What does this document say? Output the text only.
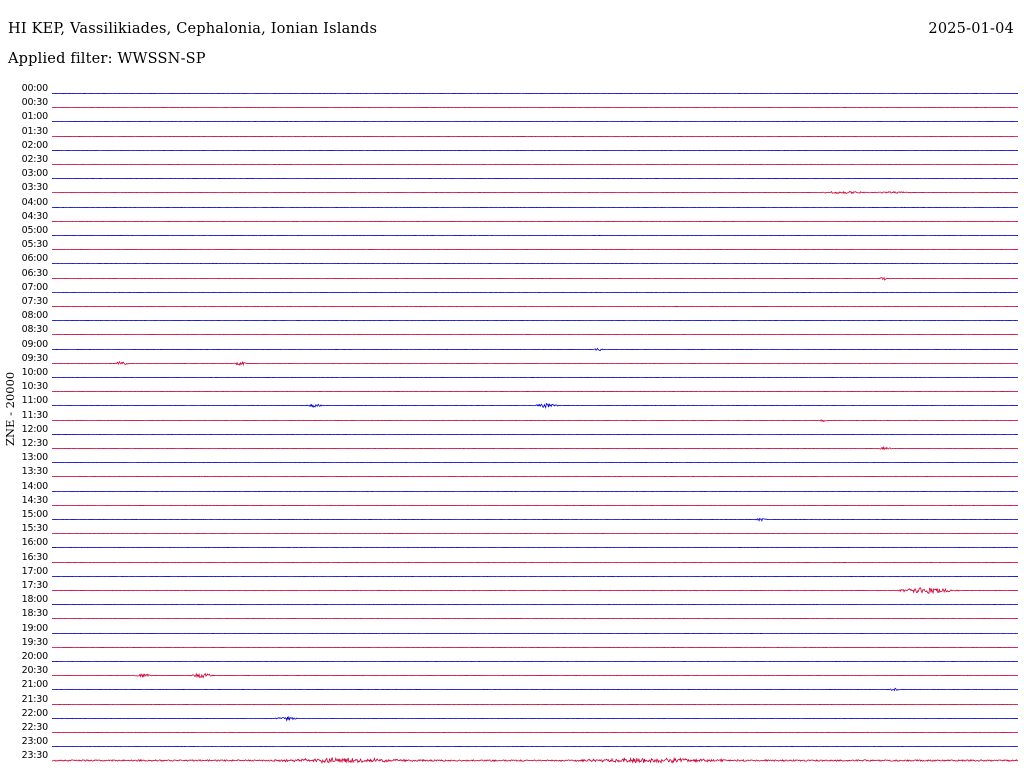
HI KEP, Vassilikiades, Cephalonia, Ionian Islands	2025-01-04
Applied filter: WWSSN-SP
ZNE - 20000
00:00
00:30
01:00
01:30
02:00
02:30
03:00
03:30
04:00
04:30
05:00
05:30
06:00
06:30
07:00
07:30
08:00
08:30
09:00
09:30
10:00
10:30
11:00
11:30
12:00
12:30
13:00
13:30
14:00
14:30
15:00
15:30
16:00
16:30
17:00
17:30
18:00
18:30
19:00
19:30
20:00
20:30
21:00
21:30
22:00
22:30
23:00
23:30
